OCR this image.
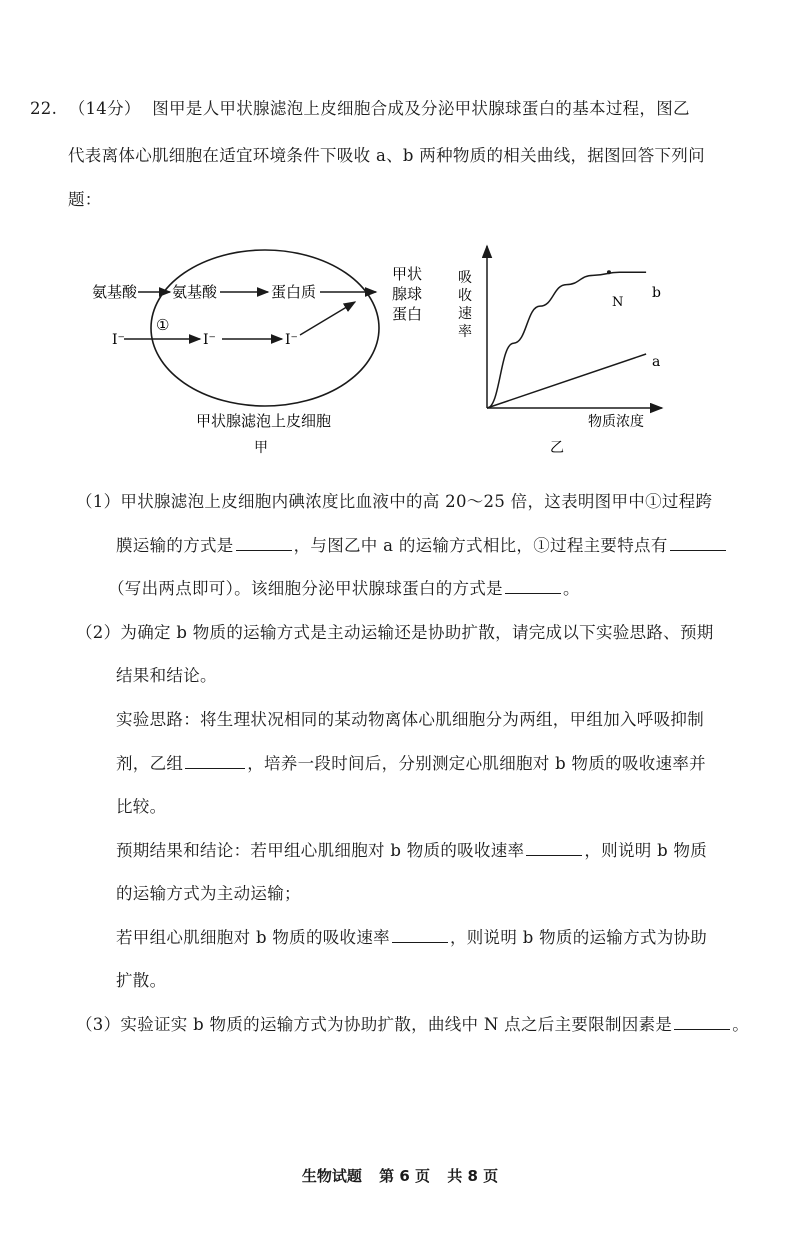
22. （14分） 图甲是人甲状腺滤泡上皮细胞合成及分泌甲状腺球蛋白的基本过程，图乙
代表离体心肌细胞在适宜环境条件下吸收 a、b 两种物质的相关曲线，据图回答下列问
题：
氨基酸 氨基酸	蛋白质
甲状
腺球
蛋白
I⁻
①
I⁻	I⁻
甲状腺滤泡上皮细胞
甲
吸
收
速
率
b
a
N
物质浓度
乙
（1）甲状腺滤泡上皮细胞内碘浓度比血液中的高 20～25 倍，这表明图甲中①过程跨
膜运输的方式是	，与图乙中 a 的运输方式相比，①过程主要特点有
（写出两点即可）。该细胞分泌甲状腺球蛋白的方式是	。
（2）为确定 b 物质的运输方式是主动运输还是协助扩散，请完成以下实验思路、预期
结果和结论。
实验思路：将生理状况相同的某动物离体心肌细胞分为两组，甲组加入呼吸抑制
剂，乙组	，培养一段时间后，分别测定心肌细胞对 b 物质的吸收速率并
比较。
预期结果和结论：若甲组心肌细胞对 b 物质的吸收速率	，则说明 b 物质
的运输方式为主动运输；
若甲组心肌细胞对 b 物质的吸收速率	，则说明 b 物质的运输方式为协助
扩散。
（3）实验证实 b 物质的运输方式为协助扩散，曲线中 N 点之后主要限制因素是	。
生物试题 第 6 页 共 8 页
